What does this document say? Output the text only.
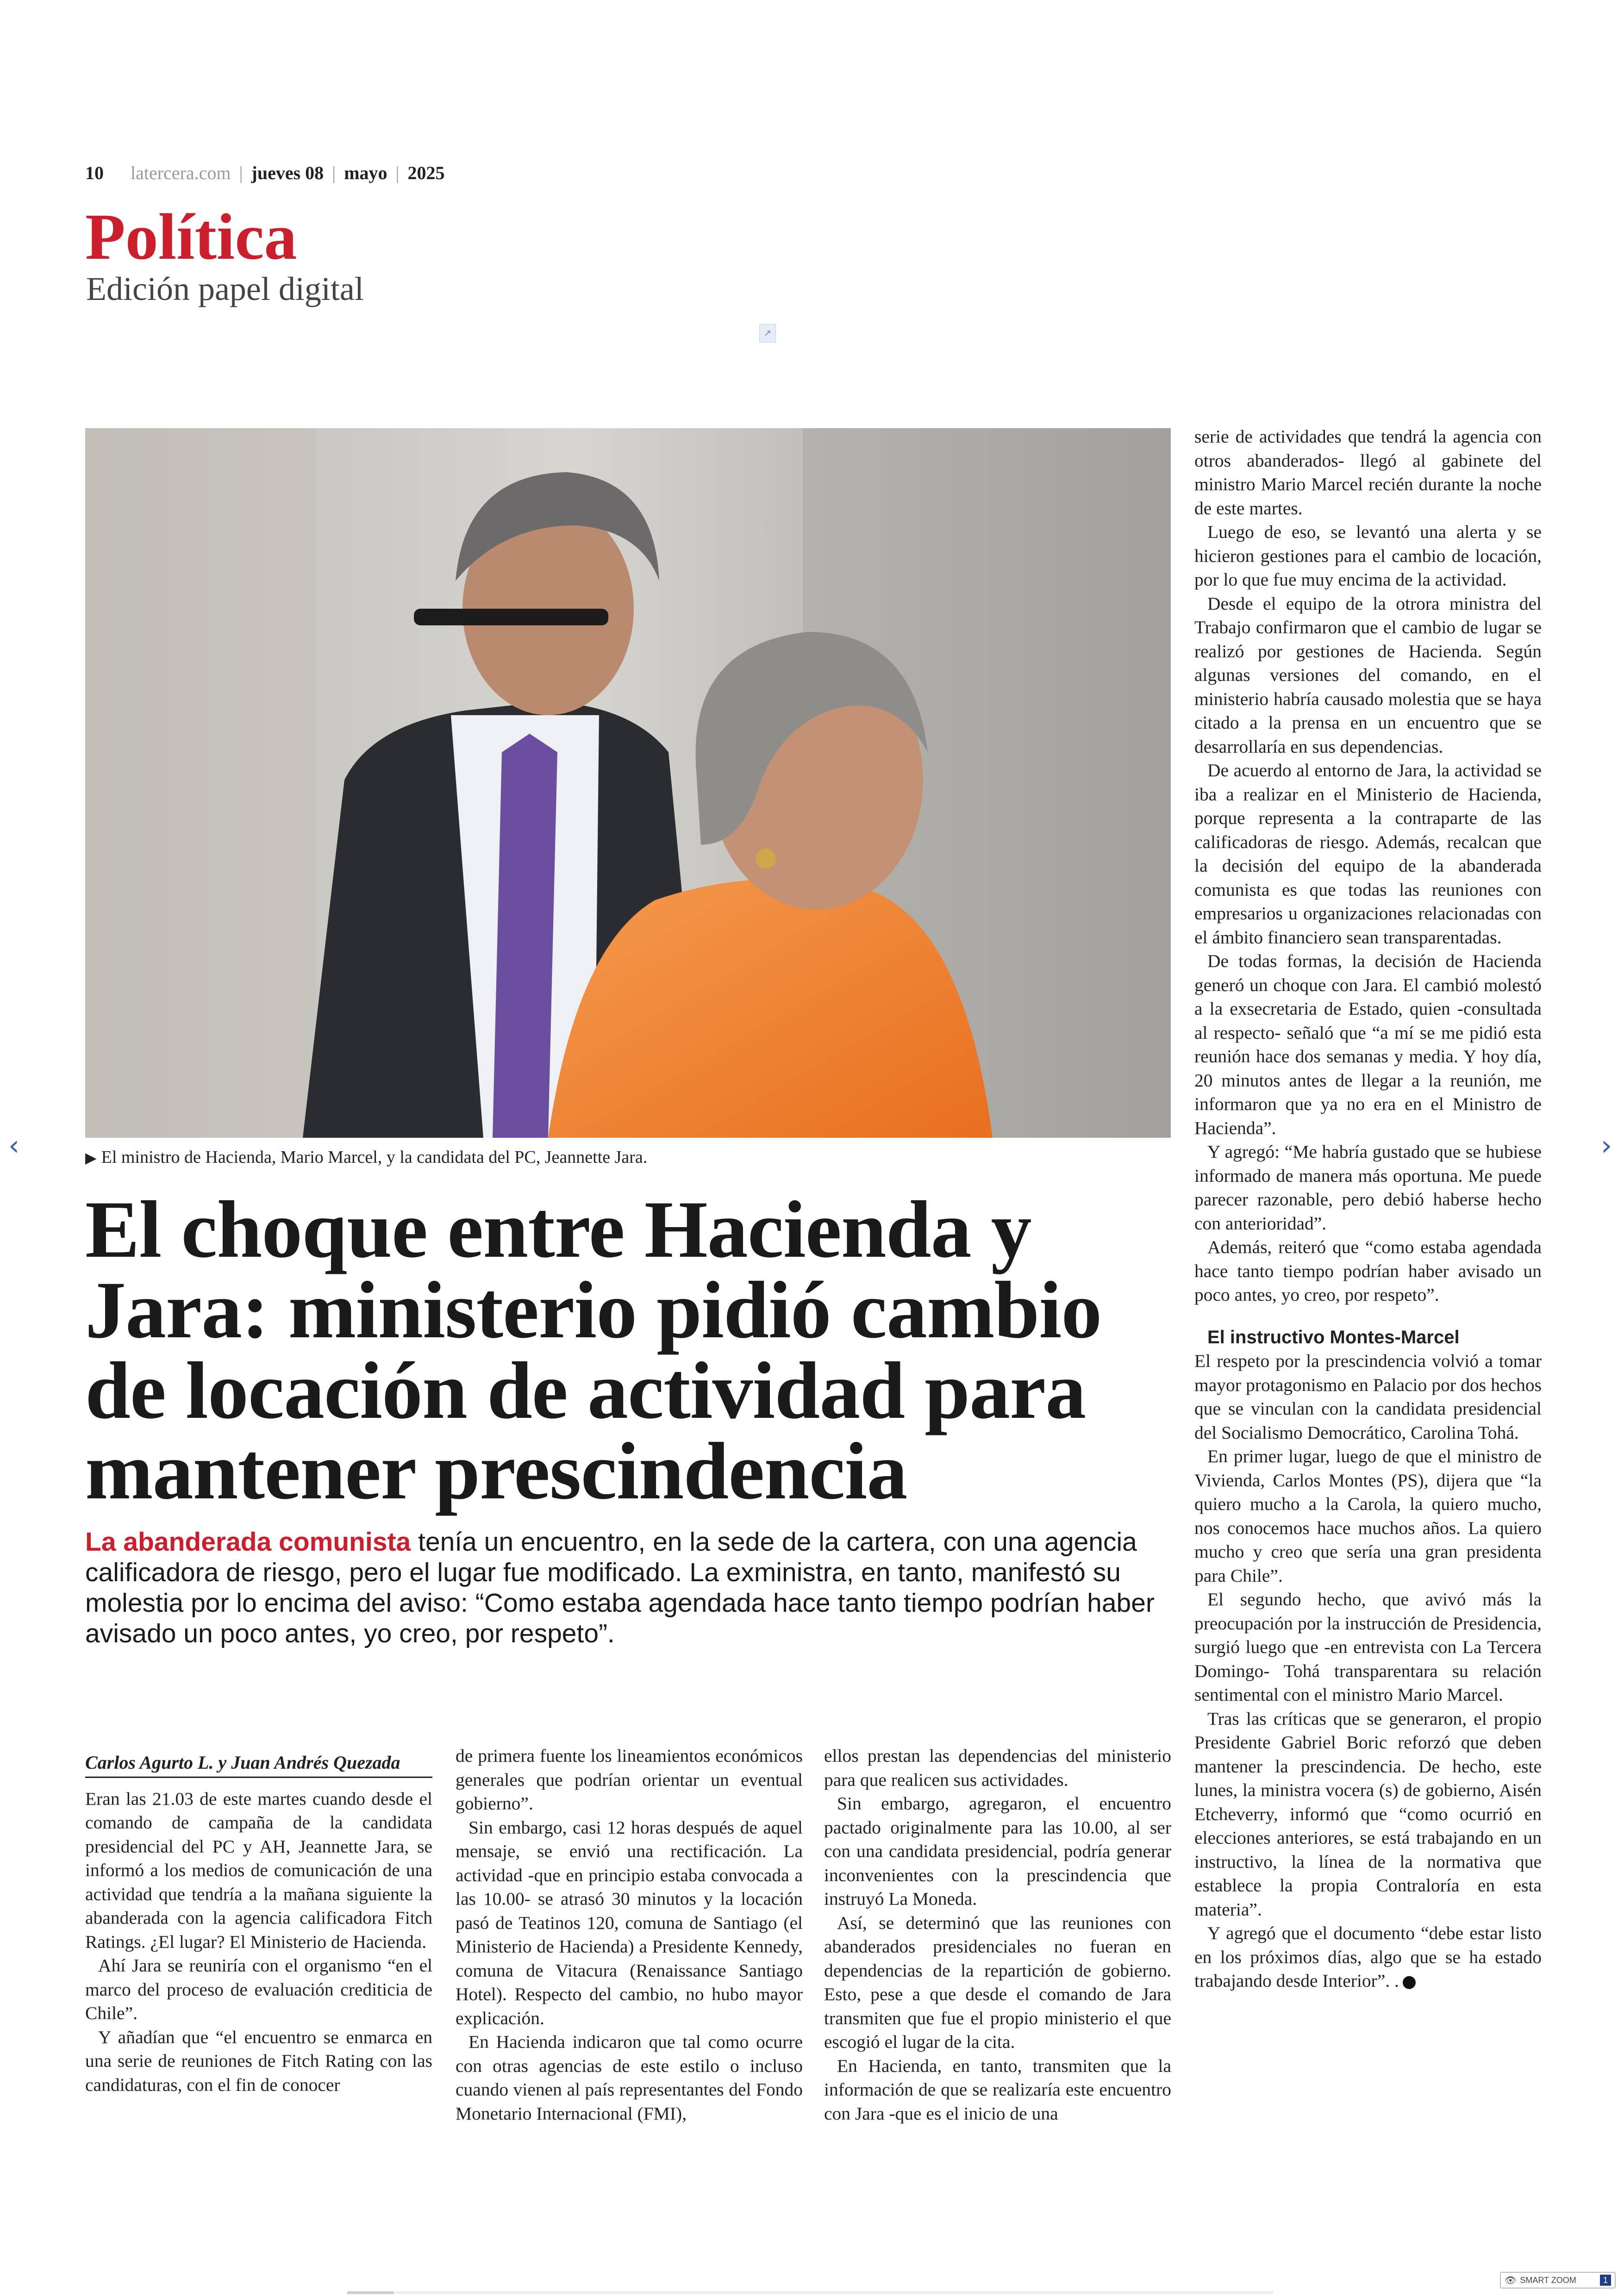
10 latercera.com | jueves 08 | mayo | 2025
Política
Edición papel digital
↗
▶ El ministro de Hacienda, Mario Marcel, y la candidata del PC, Jeannette Jara.
El choque entre Hacienda y
Jara: ministerio pidió cambio
de locación de actividad para
mantener prescindencia
La abanderada comunista tenía un encuentro, en la sede de la cartera, con una agencia calificadora de riesgo, pero el lugar fue modificado. La exministra, en tanto, manifestó su molestia por lo encima del aviso: “Como estaba agendada hace tanto tiempo podrían haber avisado un poco antes, yo creo, por respeto”.
Carlos Agurto L. y Juan Andrés Quezada

Eran las 21.03 de este martes cuando desde el comando de campaña de la candidata presidencial del PC y AH, Jeannette Jara, se informó a los medios de comunicación de una actividad que tendría a la mañana siguiente la abanderada con la agencia calificadora Fitch Ratings. ¿El lugar? El Ministerio de Hacienda.

Ahí Jara se reuniría con el organismo “en el marco del proceso de evaluación crediticia de Chile”.

Y añadían que “el encuentro se enmarca en una serie de reuniones de Fitch Rating con las candidaturas, con el fin de conocer

de primera fuente los lineamientos económicos generales que podrían orientar un eventual gobierno”.

Sin embargo, casi 12 horas después de aquel mensaje, se envió una rectificación. La actividad -que en principio estaba convocada a las 10.00- se atrasó 30 minutos y la locación pasó de Teatinos 120, comuna de Santiago (el Ministerio de Hacienda) a Presidente Kennedy, comuna de Vitacura (Renaissance Santiago Hotel). Respecto del cambio, no hubo mayor explicación.

En Hacienda indicaron que tal como ocurre con otras agencias de este estilo o incluso cuando vienen al país representantes del Fondo Monetario Internacional (FMI),

ellos prestan las dependencias del ministerio para que realicen sus actividades.

Sin embargo, agregaron, el encuentro pactado originalmente para las 10.00, al ser con una candidata presidencial, podría generar inconvenientes con la prescindencia que instruyó La Moneda.

Así, se determinó que las reuniones con abanderados presidenciales no fueran en dependencias de la repartición de gobierno. Esto, pese a que desde el comando de Jara transmiten que fue el propio ministerio el que escogió el lugar de la cita.

En Hacienda, en tanto, transmiten que la información de que se realizaría este encuentro con Jara -que es el inicio de una

serie de actividades que tendrá la agencia con otros abanderados- llegó al gabinete del ministro Mario Marcel recién durante la noche de este martes.

Luego de eso, se levantó una alerta y se hicieron gestiones para el cambio de locación, por lo que fue muy encima de la actividad.

Desde el equipo de la otrora ministra del Trabajo confirmaron que el cambio de lugar se realizó por gestiones de Hacienda. Según algunas versiones del comando, en el ministerio habría causado molestia que se haya citado a la prensa en un encuentro que se desarrollaría en sus dependencias.

De acuerdo al entorno de Jara, la actividad se iba a realizar en el Ministerio de Hacienda, porque representa a la contraparte de las calificadoras de riesgo. Además, recalcan que la decisión del equipo de la abanderada comunista es que todas las reuniones con empresarios u organizaciones relacionadas con el ámbito financiero sean transparentadas.

De todas formas, la decisión de Hacienda generó un choque con Jara. El cambió molestó a la exsecretaria de Estado, quien -consultada al respecto- señaló que “a mí se me pidió esta reunión hace dos semanas y media. Y hoy día, 20 minutos antes de llegar a la reunión, me informaron que ya no era en el Ministro de Hacienda”.

Y agregó: “Me habría gustado que se hubiese informado de manera más oportuna. Me puede parecer razonable, pero debió haberse hecho con anterioridad”.

Además, reiteró que “como estaba agendada hace tanto tiempo podrían haber avisado un poco antes, yo creo, por respeto”.

El instructivo Montes-Marcel

El respeto por la prescindencia volvió a tomar mayor protagonismo en Palacio por dos hechos que se vinculan con la candidata presidencial del Socialismo Democrático, Carolina Tohá.

En primer lugar, luego de que el ministro de Vivienda, Carlos Montes (PS), dijera que “la quiero mucho a la Carola, la quiero mucho, nos conocemos hace muchos años. La quiero mucho y creo que sería una gran presidenta para Chile”.

El segundo hecho, que avivó más la preocupación por la instrucción de Presidencia, surgió luego que -en entrevista con La Tercera Domingo- Tohá transparentara su relación sentimental con el ministro Mario Marcel.

Tras las críticas que se generaron, el propio Presidente Gabriel Boric reforzó que deben mantener la prescindencia. De hecho, este lunes, la ministra vocera (s) de gobierno, Aisén Etcheverry, informó que “como ocurrió en elecciones anteriores, se está trabajando en un instructivo, la línea de la normativa que establece la propia Contraloría en esta materia”.

Y agregó que el documento “debe estar listo en los próximos días, algo que se ha estado trabajando desde Interior”. .

‹	›
👁 SMART ZOOM	1
